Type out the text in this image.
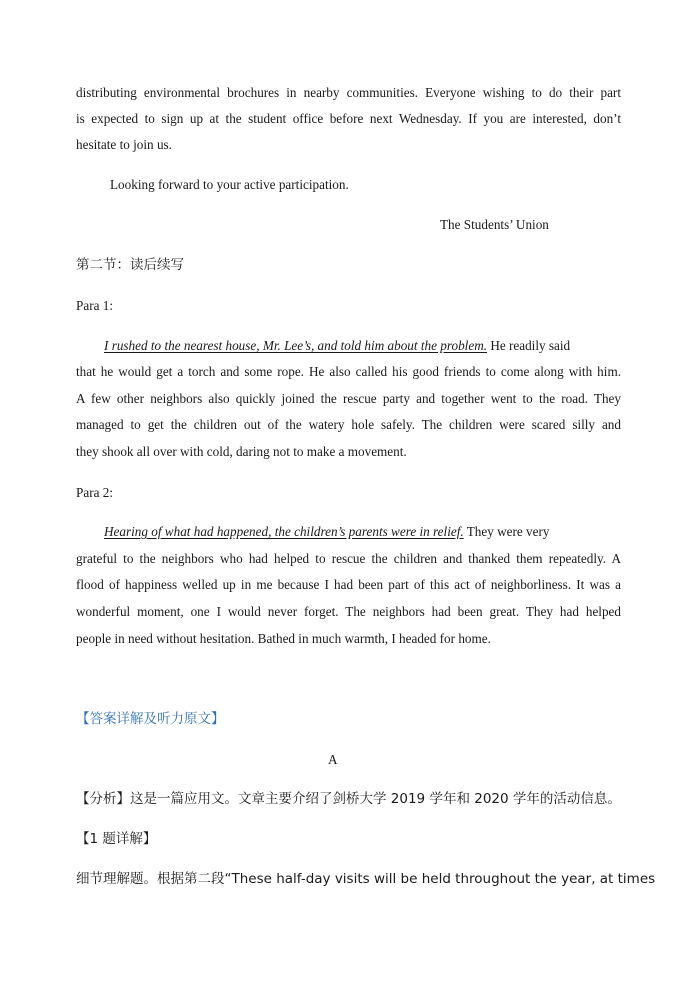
distributing environmental brochures in nearby communities. Everyone wishing to do their part
is expected to sign up at the student office before next Wednesday. If you are interested, don’t
hesitate to join us.
Looking forward to your active participation.
The Students’ Union
第二节：读后续写
Para 1:
I rushed to the nearest house, Mr. Lee’s, and told him about the problem. He readily said
that he would get a torch and some rope. He also called his good friends to come along with him.
A few other neighbors also quickly joined the rescue party and together went to the road. They
managed to get the children out of the watery hole safely. The children were scared silly and
they shook all over with cold, daring not to make a movement.
Para 2:
Hearing of what had happened, the children’s parents were in relief. They were very
grateful to the neighbors who had helped to rescue the children and thanked them repeatedly. A
flood of happiness welled up in me because I had been part of this act of neighborliness. It was a
wonderful moment, one I would never forget. The neighbors had been great. They had helped
people in need without hesitation. Bathed in much warmth, I headed for home.
【答案详解及听力原文】
A
【分析】这是一篇应用文。文章主要介绍了剑桥大学 2019 学年和 2020 学年的活动信息。
【1 题详解】
细节理解题。根据第二段“These half-day visits will be held throughout the year, at times
